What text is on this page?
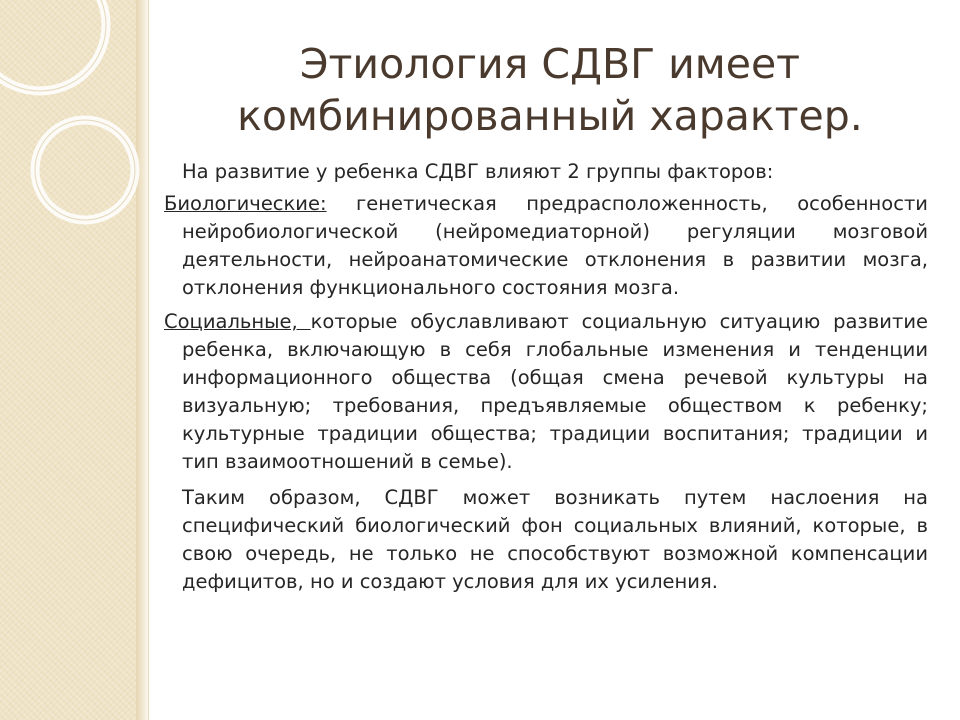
Этиология СДВГ имеет
комбинированный характер.

На развитие у ребенка СДВГ влияют 2 группы факторов:

Биологические: генетическая предрасположенность, особенности нейробиологической (нейромедиаторной) регуляции мозговой деятельности, нейроанатомические отклонения в развитии мозга, отклонения функционального состояния мозга.

Социальные, которые обуславливают социальную ситуацию развитие ребенка, включающую в себя глобальные изменения и тенденции информационного общества (общая смена речевой культуры на визуальную; требования, предъявляемые обществом к ребенку; культурные традиции общества; традиции воспитания; традиции и тип взаимоотношений в семье).

Таким образом, СДВГ может возникать путем наслоения на специфический биологический фон социальных влияний, которые, в свою очередь, не только не способствуют возможной компенсации дефицитов, но и создают условия для их усиления.
